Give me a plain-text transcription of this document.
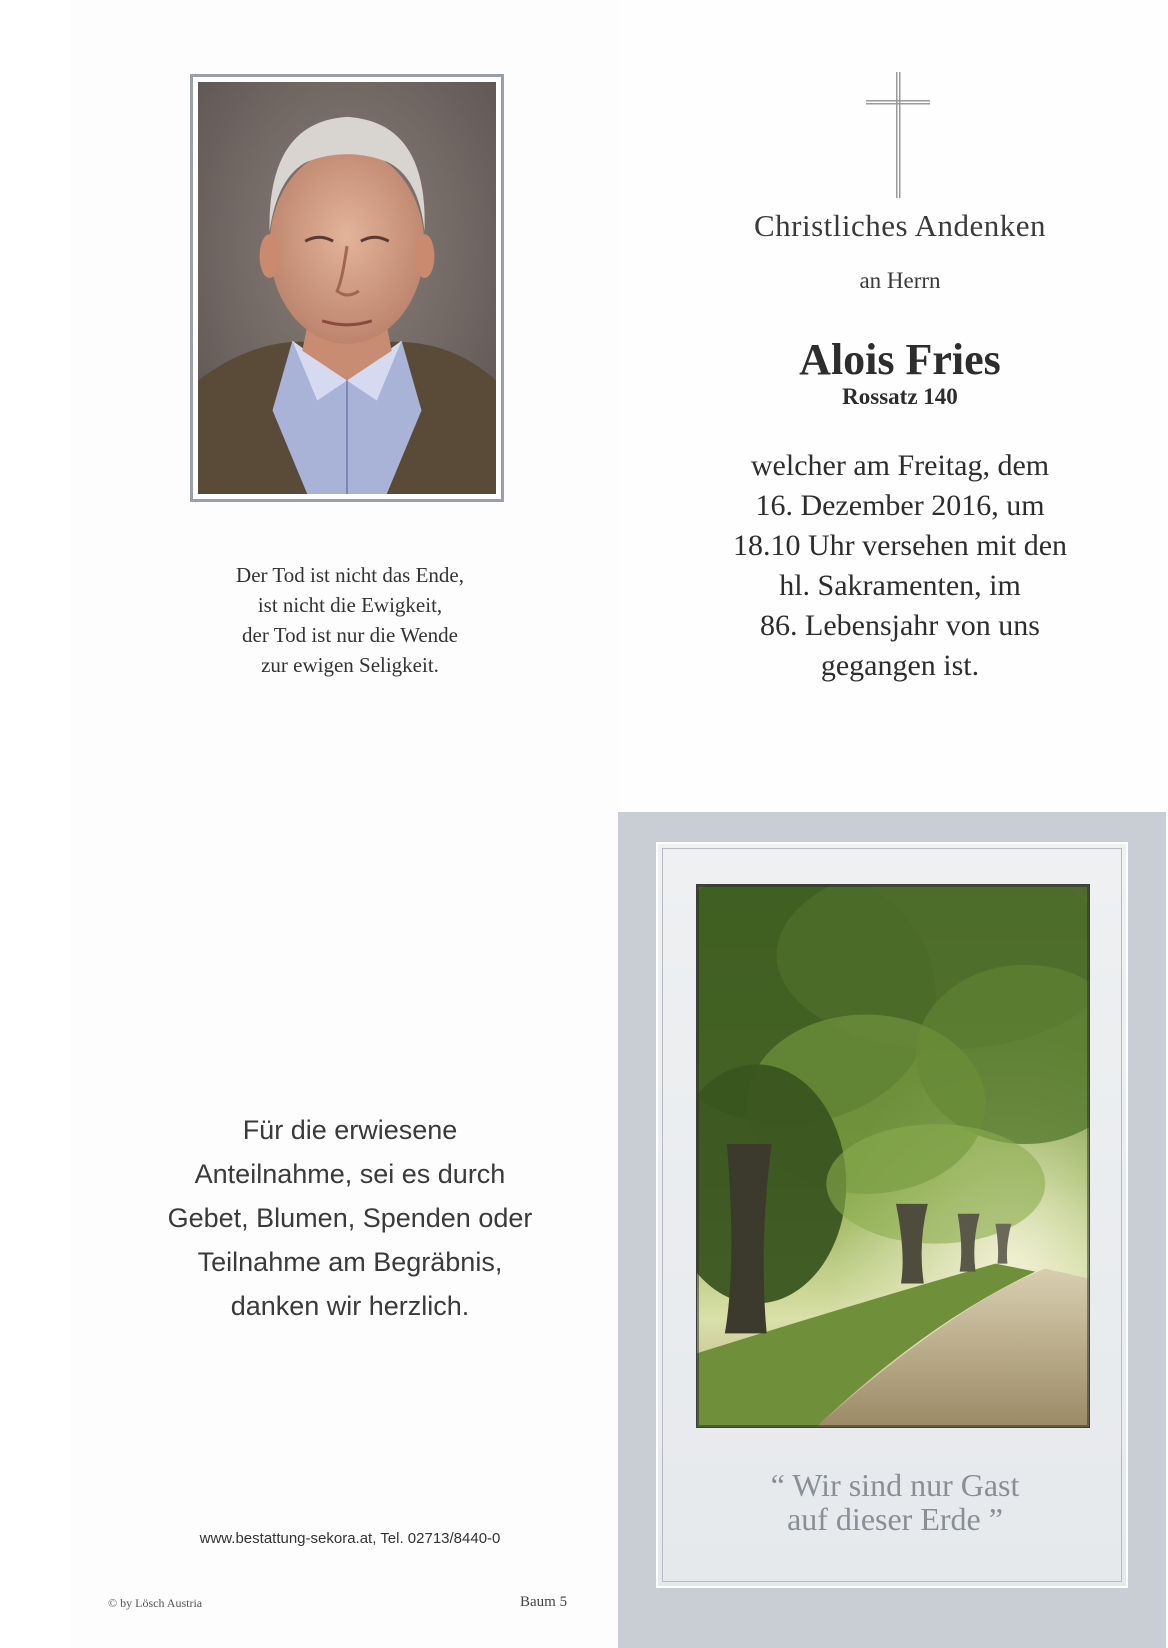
Der Tod ist nicht das Ende,
ist nicht die Ewigkeit,
der Tod ist nur die Wende
zur ewigen Seligkeit.
Christliches Andenken
an Herrn
Alois Fries
Rossatz 140
welcher am Freitag, dem
16. Dezember 2016, um
18.10 Uhr versehen mit den
hl. Sakramenten, im
86. Lebensjahr von uns
gegangen ist.
Für die erwiesene
Anteilnahme, sei es durch
Gebet, Blumen, Spenden oder
Teilnahme am Begräbnis,
danken wir herzlich.
www.bestattung-sekora.at, Tel. 02713/8440-0
© by Lösch Austria	Baum 5
“ Wir sind nur Gast
auf dieser Erde ”
